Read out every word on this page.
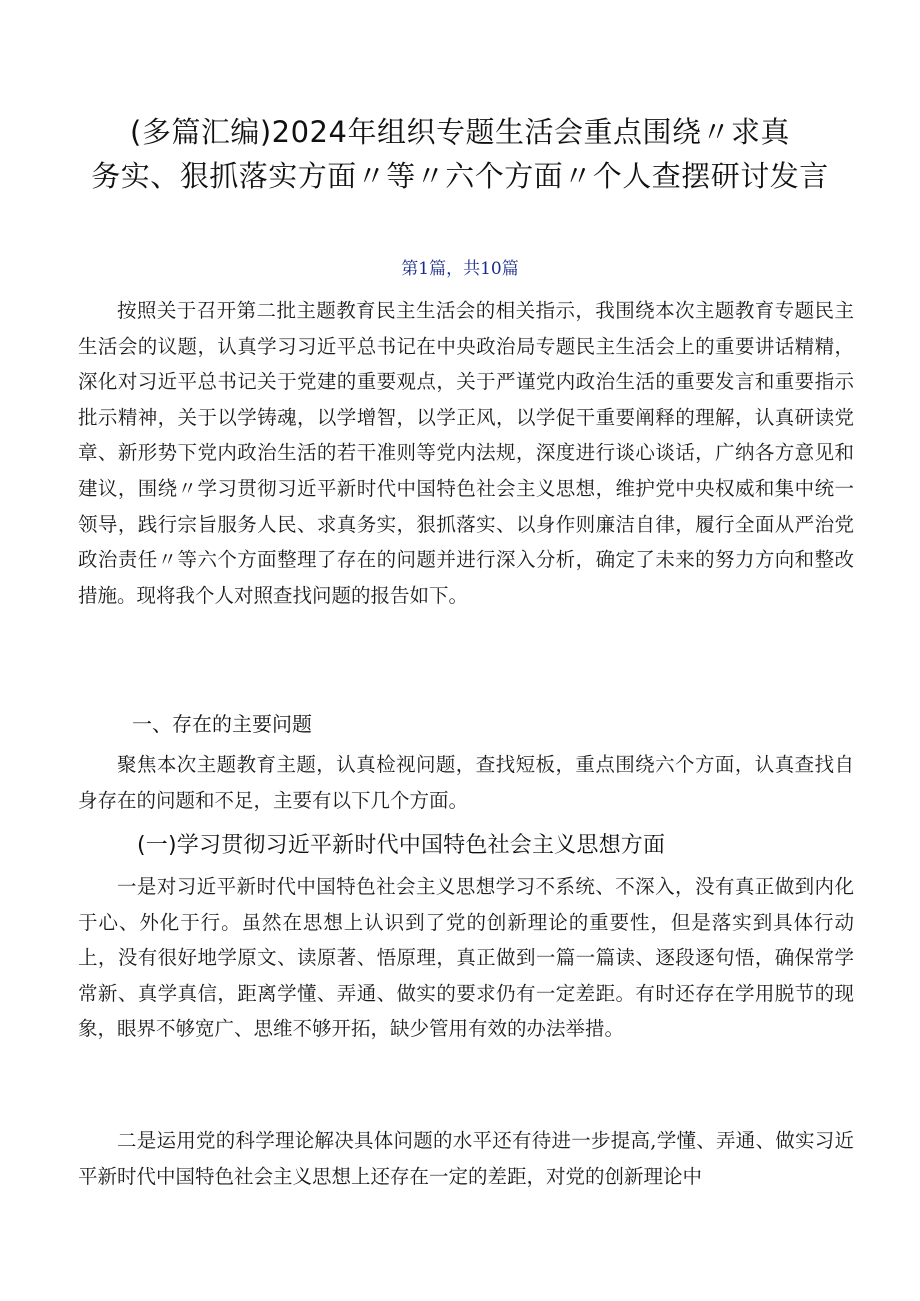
(多篇汇编)2024年组织专题生活会重点围绕〃求真
务实、狠抓落实方面〃等〃六个方面〃个人查摆研讨发言
第1篇，共10篇

按照关于召开第二批主题教育民主生活会的相关指示，我围绕本次主题教育专题民主生活会的议题，认真学习习近平总书记在中央政治局专题民主生活会上的重要讲话精精，深化对习近平总书记关于党建的重要观点，关于严谨党内政治生活的重要发言和重要指示批示精神，关于以学铸魂，以学增智，以学正风，以学促干重要阐释的理解，认真研读党章、新形势下党内政治生活的若干准则等党内法规，深度进行谈心谈话，广纳各方意见和建议，围绕〃学习贯彻习近平新时代中国特色社会主义思想，维护党中央权威和集中统一领导，践行宗旨服务人民、求真务实，狠抓落实、以身作则廉洁自律，履行全面从严治党政治责任〃等六个方面整理了存在的问题并进行深入分析，确定了未来的努力方向和整改措施。现将我个人对照查找问题的报告如下。

一、存在的主要问题

聚焦本次主题教育主题，认真检视问题，查找短板，重点围绕六个方面，认真查找自身存在的问题和不足，主要有以下几个方面。

(一)学习贯彻习近平新时代中国特色社会主义思想方面

一是对习近平新时代中国特色社会主义思想学习不系统、不深入，没有真正做到内化于心、外化于行。虽然在思想上认识到了党的创新理论的重要性，但是落实到具体行动上，没有很好地学原文、读原著、悟原理，真正做到一篇一篇读、逐段逐句悟，确保常学常新、真学真信，距离学懂、弄通、做实的要求仍有一定差距。有时还存在学用脱节的现象，眼界不够宽广、思维不够开拓，缺少管用有效的办法举措。

二是运用党的科学理论解决具体问题的水平还有待进一步提高,学懂、弄通、做实习近平新时代中国特色社会主义思想上还存在一定的差距，对党的创新理论中
